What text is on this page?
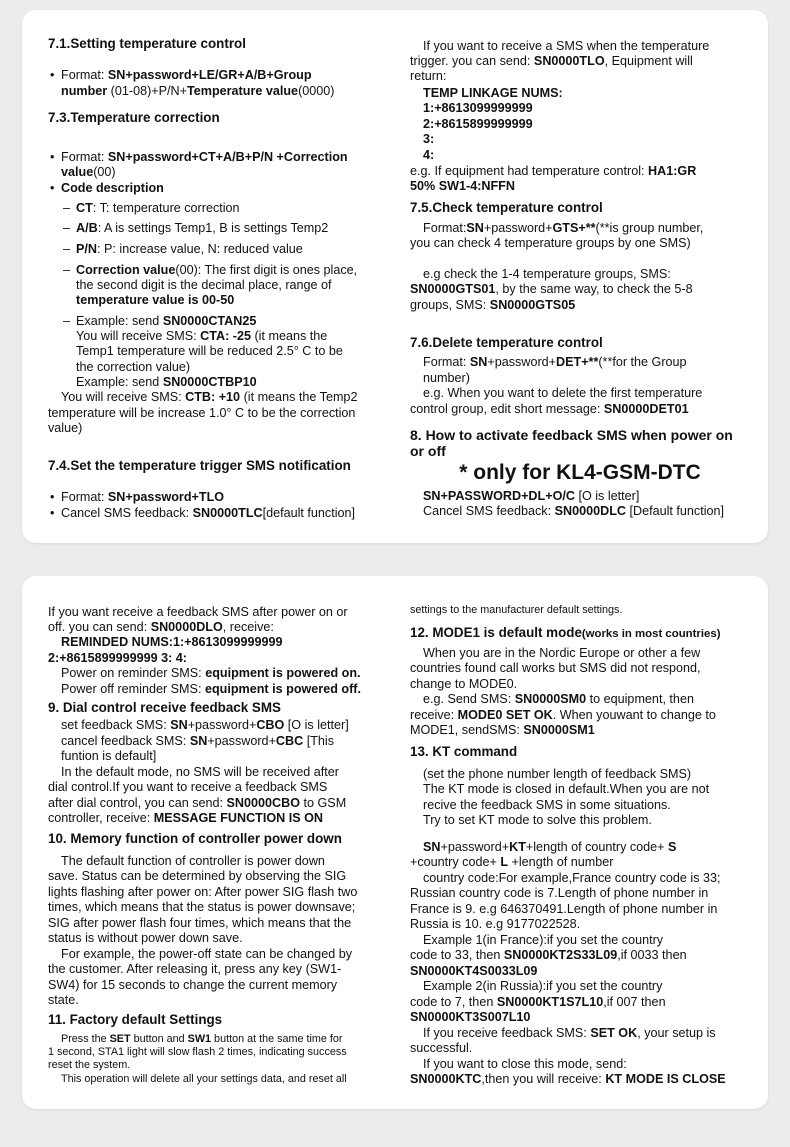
7.1.Setting temperature control
• Format: SN+password+LE/GR+A/B+Group
number (01-08)+P/N+Temperature value(0000)
7.3.Temperature correction
• Format: SN+password+CT+A/B+P/N +Correction
value(00)
• Code description
– CT: T: temperature correction
– A/B: A is settings Temp1, B is settings Temp2
– P/N: P: increase value, N: reduced value
– Correction value(00): The first digit is ones place,
the second digit is the decimal place, range of
temperature value is 00-50
– Example: send SN0000CTAN25
You will receive SMS: CTA: -25 (it means the
Temp1 temperature will be reduced 2.5° C to be
the correction value)
Example: send SN0000CTBP10
You will receive SMS: CTB: +10 (it means the Temp2
temperature will be increase 1.0° C to be the correction
value)
7.4.Set the temperature trigger SMS notification
• Format: SN+password+TLO
• Cancel SMS feedback: SN0000TLC[default function]
If you want to receive a SMS when the temperature
trigger. you can send: SN0000TLO, Equipment will
return:
TEMP LINKAGE NUMS:
1:+8613099999999
2:+8615899999999
3:
4:
e.g. If equipment had temperature control: HA1:GR
50% SW1-4:NFFN
7.5.Check temperature control
Format:SN+password+GTS+**(**is group number,
you can check 4 temperature groups by one SMS)
e.g check the 1-4 temperature groups, SMS:
SN0000GTS01, by the same way, to check the 5-8
groups, SMS: SN0000GTS05
7.6.Delete temperature control
Format: SN+password+DET+**(**for the Group
number)
e.g. When you want to delete the first temperature
control group, edit short message: SN0000DET01
8. How to activate feedback SMS when power on or off
* only for KL4-GSM-DTC
SN+PASSWORD+DL+O/C [O is letter]
Cancel SMS feedback: SN0000DLC [Default function]
If you want receive a feedback SMS after power on or
off. you can send: SN0000DLO, receive:
REMINDED NUMS:1:+8613099999999
2:+8615899999999 3: 4:
Power on reminder SMS: equipment is powered on.
Power off reminder SMS: equipment is powered off.
9. Dial control receive feedback SMS
set feedback SMS: SN+password+CBO [O is letter]
cancel feedback SMS: SN+password+CBC [This
funtion is default]
In the default mode, no SMS will be received after
dial control.If you want to receive a feedback SMS
after dial control, you can send: SN0000CBO to GSM
controller, receive: MESSAGE FUNCTION IS ON
10. Memory function of controller power down
The default function of controller is power down
save. Status can be determined by observing the SIG
lights flashing after power on: After power SIG flash two
times, which means that the status is power downsave;
SIG after power flash four times, which means that the
status is without power down save.
For example, the power-off state can be changed by
the customer. After releasing it, press any key (SW1-
SW4) for 15 seconds to change the current memory
state.
11. Factory default Settings
Press the SET button and SW1 button at the same time for
1 second, STA1 light will slow flash 2 times, indicating success
reset the system.
This operation will delete all your settings data, and reset all
settings to the manufacturer default settings.
12. MODE1 is default mode(works in most countries)
When you are in the Nordic Europe or other a few
countries found call works but SMS did not respond,
change to MODE0.
e.g. Send SMS: SN0000SM0 to equipment, then
receive: MODE0 SET OK. When youwant to change to
MODE1, sendSMS: SN0000SM1
13. KT command
(set the phone number length of feedback SMS)
The KT mode is closed in default.When you are not
recive the feedback SMS in some situations.
Try to set KT mode to solve this problem.
SN+password+KT+length of country code+ S
+country code+ L +length of number
country code:For example,France country code is 33;
Russian country code is 7.Length of phone number in
France is 9. e.g 646370491.Length of phone number in
Russia is 10. e.g 9177022528.
Example 1(in France):if you set the country
code to 33, then SN0000KT2S33L09,if 0033 then
SN0000KT4S0033L09
Example 2(in Russia):if you set the country
code to 7, then SN0000KT1S7L10,if 007 then
SN0000KT3S007L10
If you receive feedback SMS: SET OK, your setup is
successful.
If you want to close this mode, send:
SN0000KTC,then you will receive: KT MODE IS CLOSE
